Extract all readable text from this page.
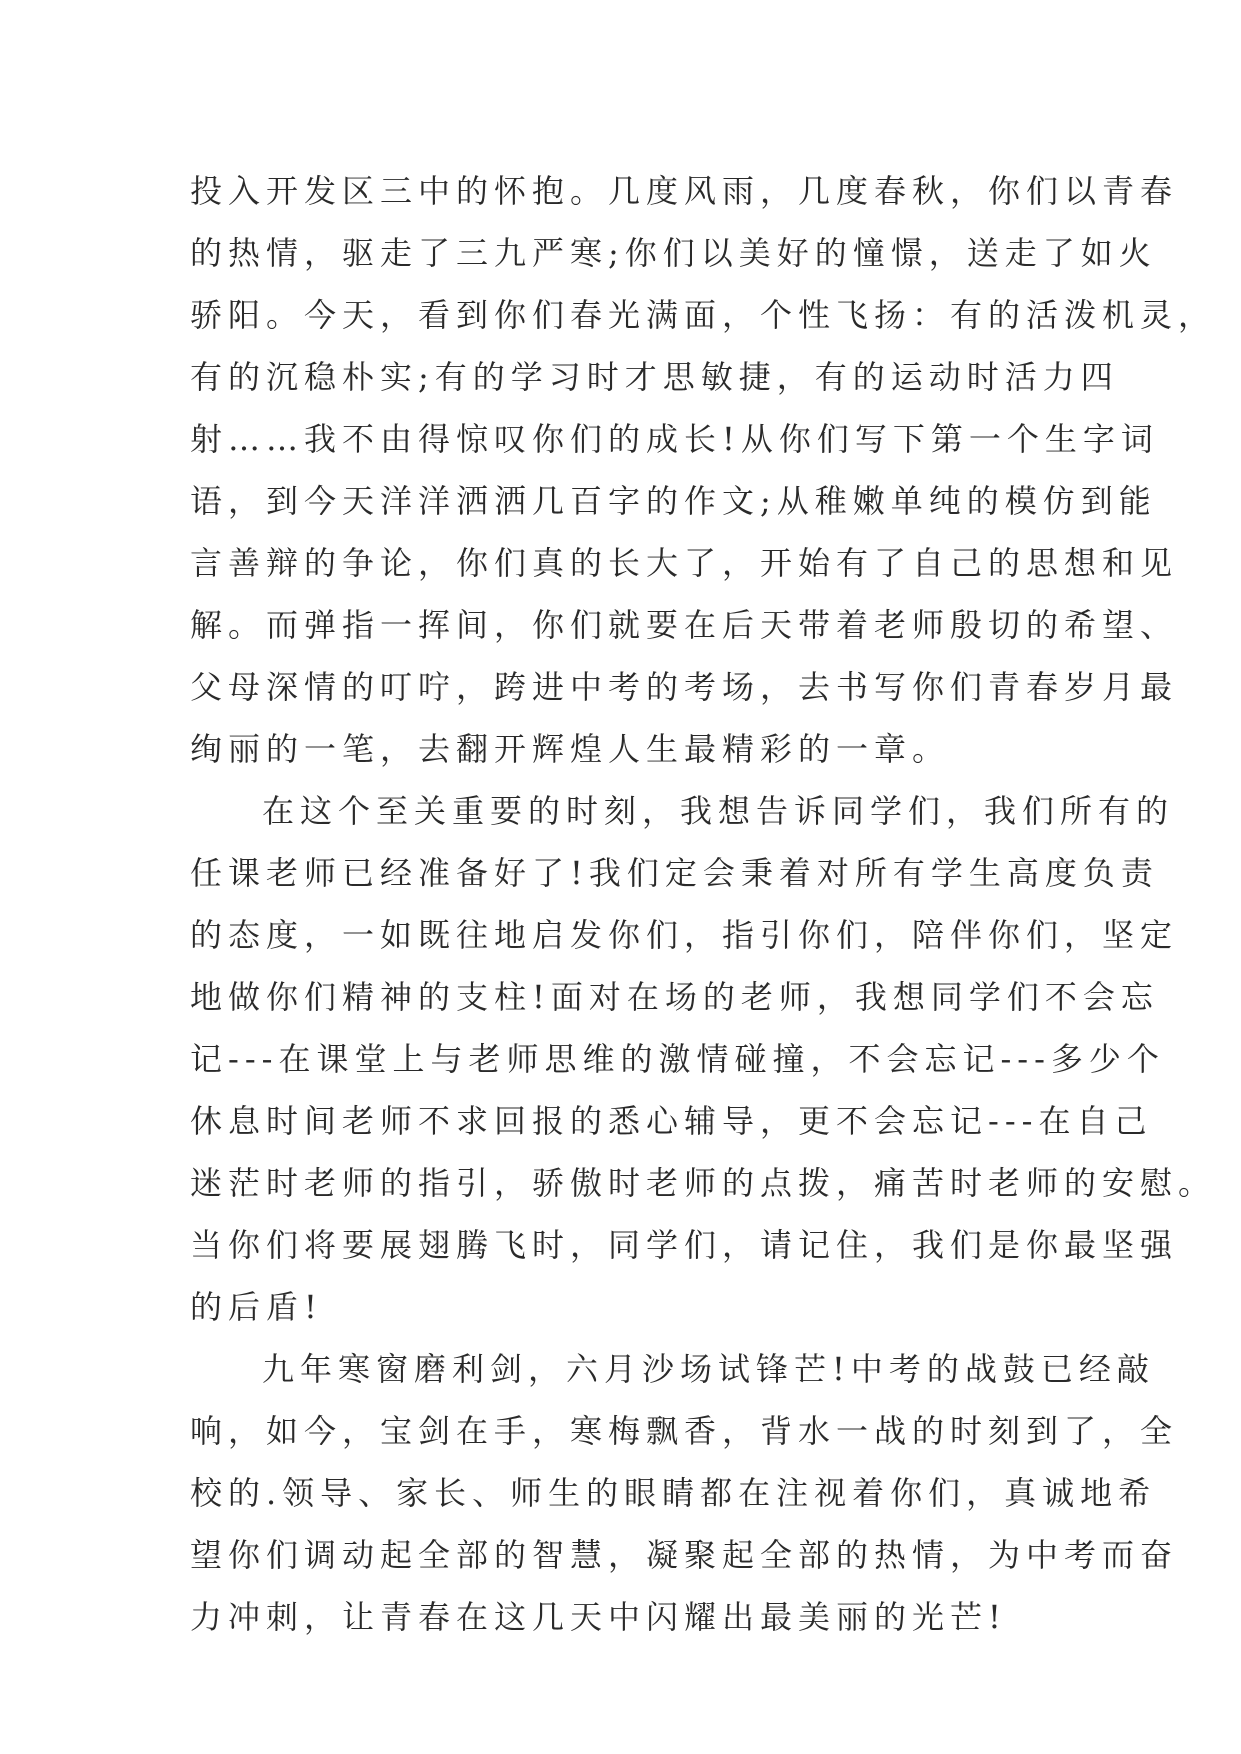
投入开发区三中的怀抱。几度风雨，几度春秋，你们以青春
的热情，驱走了三九严寒;你们以美好的憧憬，送走了如火
骄阳。今天，看到你们春光满面，个性飞扬：有的活泼机灵，
有的沉稳朴实;有的学习时才思敏捷，有的运动时活力四
射……我不由得惊叹你们的成长!从你们写下第一个生字词
语，到今天洋洋洒洒几百字的作文;从稚嫩单纯的模仿到能
言善辩的争论，你们真的长大了，开始有了自己的思想和见
解。而弹指一挥间，你们就要在后天带着老师殷切的希望、
父母深情的叮咛，跨进中考的考场，去书写你们青春岁月最
绚丽的一笔，去翻开辉煌人生最精彩的一章。
在这个至关重要的时刻，我想告诉同学们，我们所有的
任课老师已经准备好了!我们定会秉着对所有学生高度负责
的态度，一如既往地启发你们，指引你们，陪伴你们，坚定
地做你们精神的支柱!面对在场的老师，我想同学们不会忘
记---在课堂上与老师思维的激情碰撞，不会忘记---多少个
休息时间老师不求回报的悉心辅导，更不会忘记---在自己
迷茫时老师的指引，骄傲时老师的点拨，痛苦时老师的安慰。
当你们将要展翅腾飞时，同学们，请记住，我们是你最坚强
的后盾!
九年寒窗磨利剑，六月沙场试锋芒!中考的战鼓已经敲
响，如今，宝剑在手，寒梅飘香，背水一战的时刻到了，全
校的.领导、家长、师生的眼睛都在注视着你们，真诚地希
望你们调动起全部的智慧，凝聚起全部的热情，为中考而奋
力冲刺，让青春在这几天中闪耀出最美丽的光芒!
